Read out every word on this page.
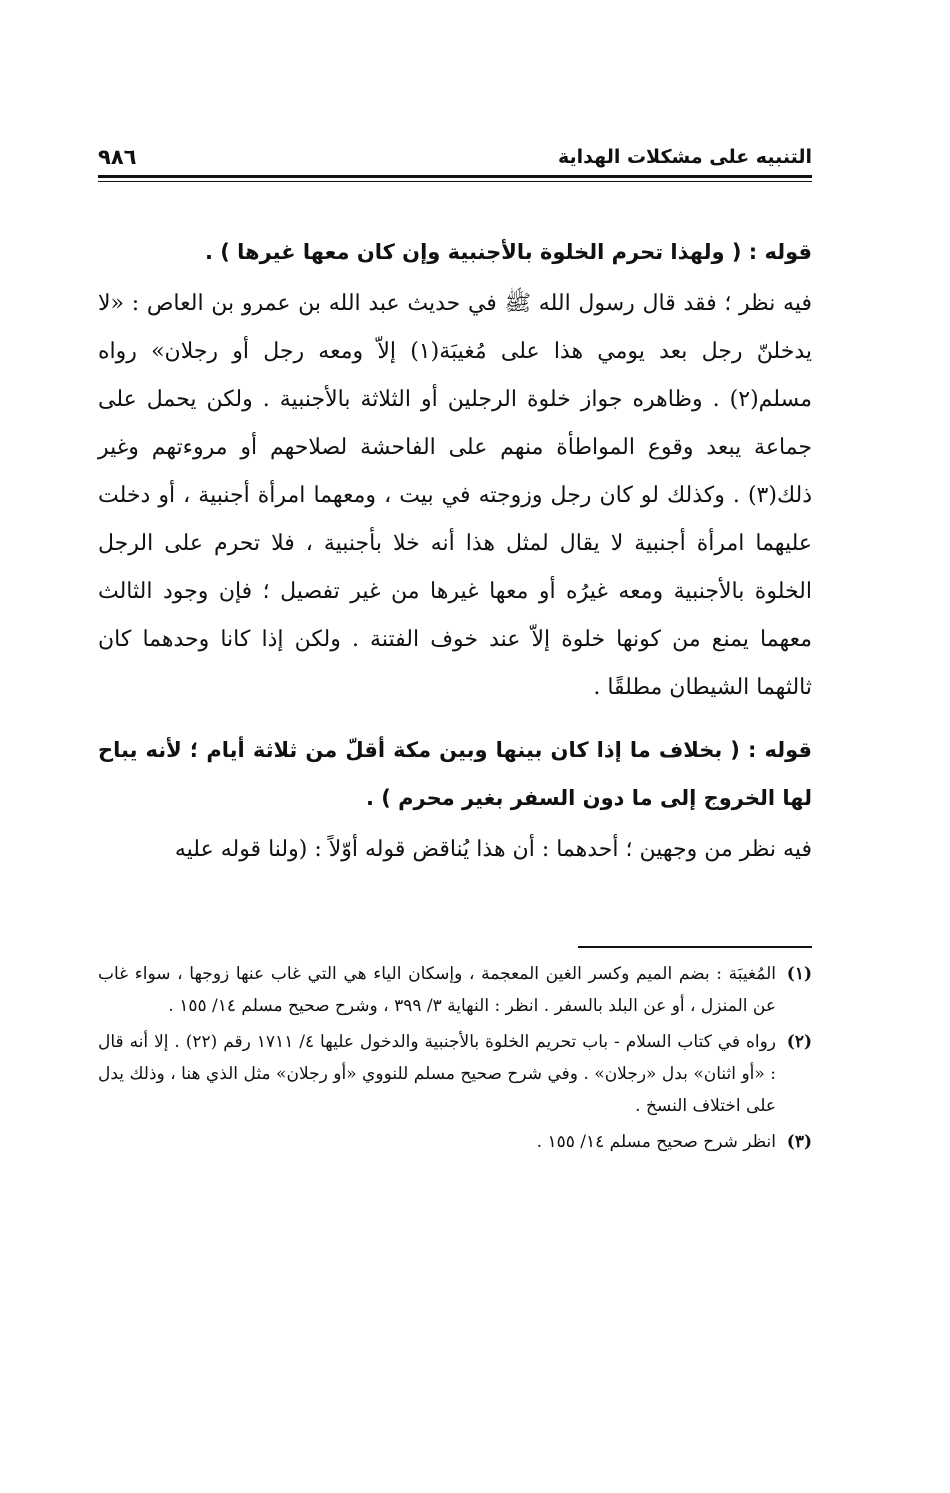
التنبيه على مشكلات الهداية
٩٨٦

قوله : ( ولهذا تحرم الخلوة بالأجنبية وإن كان معها غيرها ) .

فيه نظر ؛ فقد قال رسول الله ﷺ في حديث عبد الله بن عمرو بن العاص : «لا يدخلنّ رجل بعد يومي هذا على مُغيبَة(١) إلاّ ومعه رجل أو رجلان» رواه مسلم(٢) . وظاهره جواز خلوة الرجلين أو الثلاثة بالأجنبية . ولكن يحمل على جماعة يبعد وقوع المواطأة منهم على الفاحشة لصلاحهم أو مروءتهم وغير ذلك(٣) . وكذلك لو كان رجل وزوجته في بيت ، ومعهما امرأة أجنبية ، أو دخلت عليهما امرأة أجنبية لا يقال لمثل هذا أنه خلا بأجنبية ، فلا تحرم على الرجل الخلوة بالأجنبية ومعه غيرُه أو معها غيرها من غير تفصيل ؛ فإن وجود الثالث معهما يمنع من كونها خلوة إلاّ عند خوف الفتنة . ولكن إذا كانا وحدهما كان ثالثهما الشيطان مطلقًا .

قوله : ( بخلاف ما إذا كان بينها وبين مكة أقلّ من ثلاثة أيام ؛ لأنه يباح لها الخروج إلى ما دون السفر بغير محرم ) .

فيه نظر من وجهين ؛ أحدهما : أن هذا يُناقض قوله أوّلاً : (ولنا قوله عليه

(١)
المُغيبَة : بضم الميم وكسر الغين المعجمة ، وإسكان الياء هي التي غاب عنها زوجها ، سواء غاب عن المنزل ، أو عن البلد بالسفر . انظر : النهاية ٣/ ٣٩٩ ، وشرح صحيح مسلم ١٤/ ١٥٥ .
(٢)
رواه في كتاب السلام - باب تحريم الخلوة بالأجنبية والدخول عليها ٤/ ١٧١١ رقم (٢٢) . إلا أنه قال : «أو اثنان» بدل «رجلان» . وفي شرح صحيح مسلم للنووي «أو رجلان» مثل الذي هنا ، وذلك يدل على اختلاف النسخ .
(٣)
انظر شرح صحيح مسلم ١٤/ ١٥٥ .
